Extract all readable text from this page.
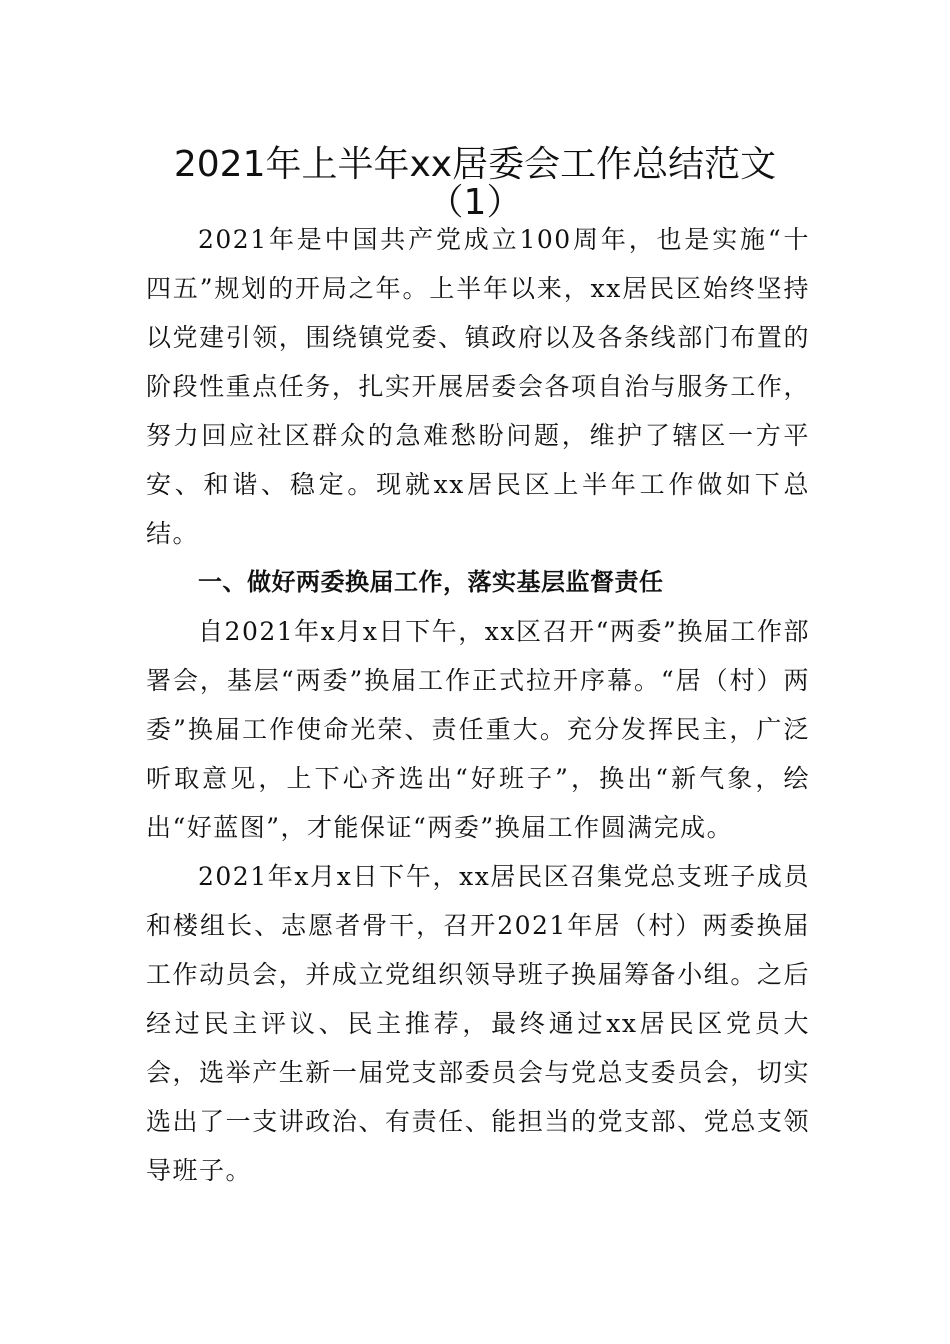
2021年上半年xx居委会工作总结范文
（1）

2021年是中国共产党成立100周年，也是实施“十四五”规划的开局之年。上半年以来，xx居民区始终坚持以党建引领，围绕镇党委、镇政府以及各条线部门布置的阶段性重点任务，扎实开展居委会各项自治与服务工作，努力回应社区群众的急难愁盼问题，维护了辖区一方平安、和谐、稳定。现就xx居民区上半年工作做如下总结。

一、做好两委换届工作，落实基层监督责任

自2021年x月x日下午，xx区召开“两委”换届工作部署会，基层“两委”换届工作正式拉开序幕。“居（村）两委”换届工作使命光荣、责任重大。充分发挥民主，广泛听取意见，上下心齐选出“好班子”，换出“新气象，绘出“好蓝图”，才能保证“两委”换届工作圆满完成。

2021年x月x日下午，xx居民区召集党总支班子成员和楼组长、志愿者骨干，召开2021年居（村）两委换届工作动员会，并成立党组织领导班子换届筹备小组。之后经过民主评议、民主推荐，最终通过xx居民区党员大会，选举产生新一届党支部委员会与党总支委员会，切实选出了一支讲政治、有责任、能担当的党支部、党总支领导班子。
